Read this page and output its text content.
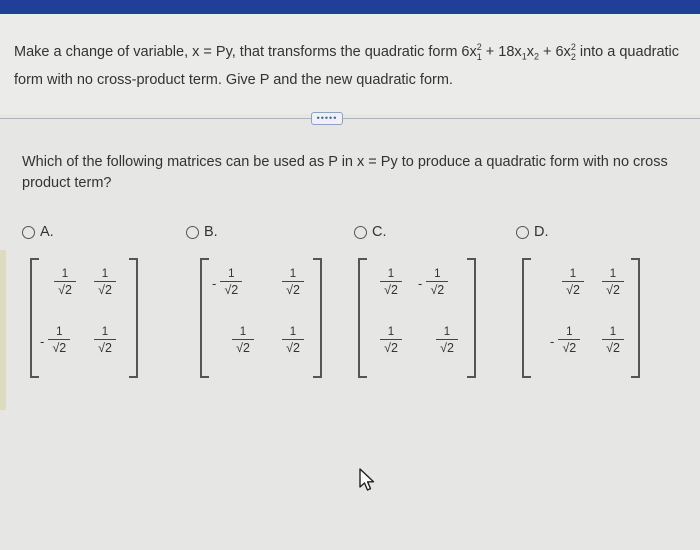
Make a change of variable, x = Py, that transforms the quadratic form $6x^2_1 + 18x_1x_2 + 6x^2_2$ into a quadratic form with no cross-product term. Give P and the new quadratic form.
•••••
Which of the following matrices can be used as P in x = Py to produce a quadratic form with no cross product term?
A.
$\frac{1}{√2} \frac{1}{√2}$
- $\frac{1}{√2} \frac{1}{√2}$
B.
- $\frac{1}{√2}$	$\frac{1}{√2}$
$\frac{1}{√2} \frac{1}{√2}$
C.
$\frac{1}{√2} - \frac{1}{√2}$
$\frac{1}{√2}$	$\frac{1}{√2}$
D.
$\frac{1}{√2} \frac{1}{√2}$
- $\frac{1}{√2} \frac{1}{√2}$
